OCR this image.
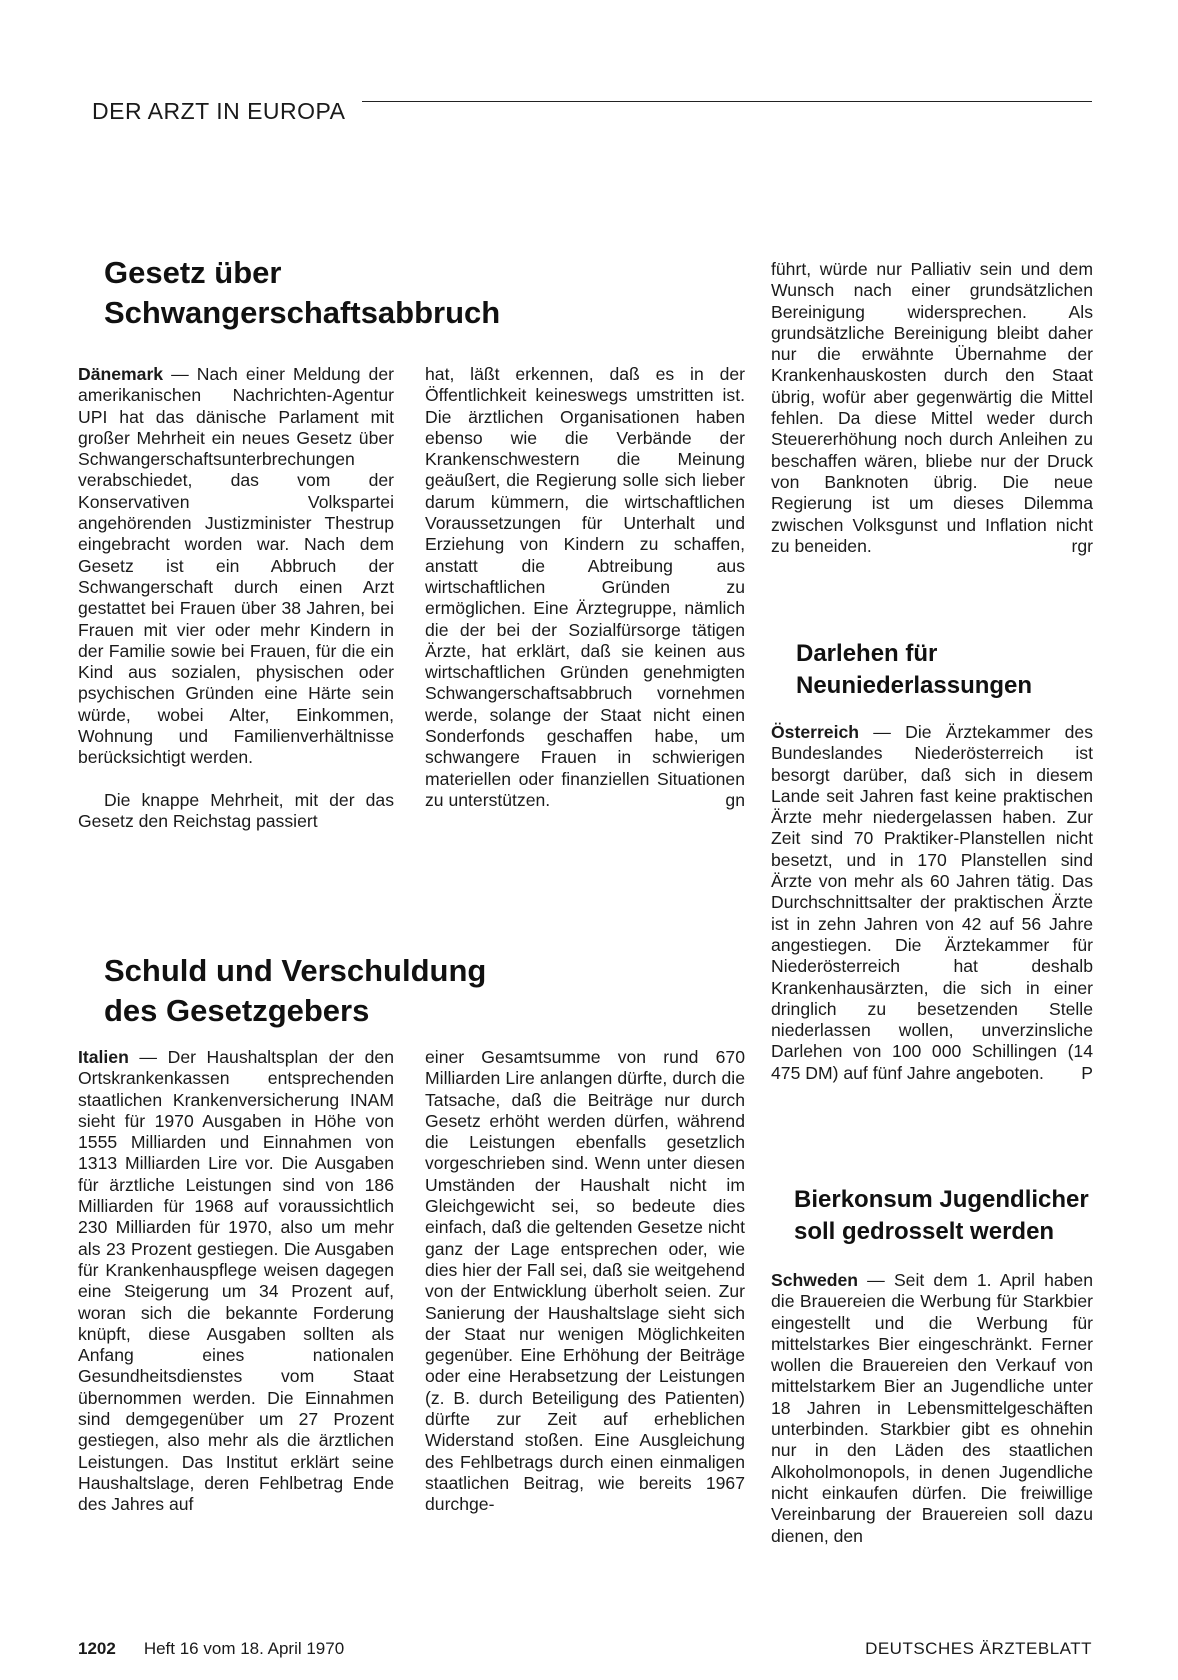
DER ARZT IN EUROPA
Gesetz über
Schwangerschaftsabbruch

Dänemark — Nach einer Meldung der amerikanischen Nachrichten-Agentur UPI hat das dänische Parlament mit großer Mehrheit ein neues Gesetz über Schwangerschaftsunterbrechungen verabschiedet, das vom der Konservativen Volkspartei angehörenden Justizminister Thestrup eingebracht worden war. Nach dem Gesetz ist ein Abbruch der Schwangerschaft durch einen Arzt gestattet bei Frauen über 38 Jahren, bei Frauen mit vier oder mehr Kindern in der Familie sowie bei Frauen, für die ein Kind aus sozialen, physischen oder psychischen Gründen eine Härte sein würde, wobei Alter, Einkommen, Wohnung und Familienverhältnisse berücksichtigt werden.

Die knappe Mehrheit, mit der das Gesetz den Reichstag passiert

hat, läßt erkennen, daß es in der Öffentlichkeit keineswegs umstritten ist. Die ärztlichen Organisationen haben ebenso wie die Verbände der Krankenschwestern die Meinung geäußert, die Regierung solle sich lieber darum kümmern, die wirtschaftlichen Voraussetzungen für Unterhalt und Erziehung von Kindern zu schaffen, anstatt die Abtreibung aus wirtschaftlichen Gründen zu ermöglichen. Eine Ärztegruppe, nämlich die der bei der Sozialfürsorge tätigen Ärzte, hat erklärt, daß sie keinen aus wirtschaftlichen Gründen genehmigten Schwangerschaftsabbruch vornehmen werde, solange der Staat nicht einen Sonderfonds geschaffen habe, um schwangere Frauen in schwierigen materiellen oder finanziellen Situationen zu unterstützen.	gn

Schuld und Verschuldung
des Gesetzgebers

Italien — Der Haushaltsplan der den Ortskrankenkassen entsprechenden staatlichen Krankenversicherung INAM sieht für 1970 Ausgaben in Höhe von 1555 Milliarden und Einnahmen von 1313 Milliarden Lire vor. Die Ausgaben für ärztliche Leistungen sind von 186 Milliarden für 1968 auf voraussichtlich 230 Milliarden für 1970, also um mehr als 23 Prozent gestiegen. Die Ausgaben für Krankenhauspflege weisen dagegen eine Steigerung um 34 Prozent auf, woran sich die bekannte Forderung knüpft, diese Ausgaben sollten als Anfang eines nationalen Gesundheitsdienstes vom Staat übernommen werden. Die Einnahmen sind demgegenüber um 27 Prozent gestiegen, also mehr als die ärztlichen Leistungen. Das Institut erklärt seine Haushaltslage, deren Fehlbetrag Ende des Jahres auf

einer Gesamtsumme von rund 670 Milliarden Lire anlangen dürfte, durch die Tatsache, daß die Beiträge nur durch Gesetz erhöht werden dürfen, während die Leistungen ebenfalls gesetzlich vorgeschrieben sind. Wenn unter diesen Umständen der Haushalt nicht im Gleichgewicht sei, so bedeute dies einfach, daß die geltenden Gesetze nicht ganz der Lage entsprechen oder, wie dies hier der Fall sei, daß sie weitgehend von der Entwicklung überholt seien. Zur Sanierung der Haushaltslage sieht sich der Staat nur wenigen Möglichkeiten gegenüber. Eine Erhöhung der Beiträge oder eine Herabsetzung der Leistungen (z. B. durch Beteiligung des Patienten) dürfte zur Zeit auf erheblichen Widerstand stoßen. Eine Ausgleichung des Fehlbetrags durch einen einmaligen staatlichen Beitrag, wie bereits 1967 durchge-

führt, würde nur Palliativ sein und dem Wunsch nach einer grundsätzlichen Bereinigung widersprechen. Als grundsätzliche Bereinigung bleibt daher nur die erwähnte Übernahme der Krankenhauskosten durch den Staat übrig, wofür aber gegenwärtig die Mittel fehlen. Da diese Mittel weder durch Steuererhöhung noch durch Anleihen zu beschaffen wären, bliebe nur der Druck von Banknoten übrig. Die neue Regierung ist um dieses Dilemma zwischen Volksgunst und Inflation nicht zu beneiden.	rgr

Darlehen für
Neuniederlassungen

Österreich — Die Ärztekammer des Bundeslandes Niederösterreich ist besorgt darüber, daß sich in diesem Lande seit Jahren fast keine praktischen Ärzte mehr niedergelassen haben. Zur Zeit sind 70 Praktiker-Planstellen nicht besetzt, und in 170 Planstellen sind Ärzte von mehr als 60 Jahren tätig. Das Durchschnittsalter der praktischen Ärzte ist in zehn Jahren von 42 auf 56 Jahre angestiegen. Die Ärztekammer für Niederösterreich hat deshalb Krankenhausärzten, die sich in einer dringlich zu besetzenden Stelle niederlassen wollen, unverzinsliche Darlehen von 100 000 Schillingen (14 475 DM) auf fünf Jahre angeboten. P

Bierkonsum Jugendlicher
soll gedrosselt werden

Schweden — Seit dem 1. April haben die Brauereien die Werbung für Starkbier eingestellt und die Werbung für mittelstarkes Bier eingeschränkt. Ferner wollen die Brauereien den Verkauf von mittelstarkem Bier an Jugendliche unter 18 Jahren in Lebensmittelgeschäften unterbinden. Starkbier gibt es ohnehin nur in den Läden des staatlichen Alkoholmonopols, in denen Jugendliche nicht einkaufen dürfen. Die freiwillige Vereinbarung der Brauereien soll dazu dienen, den

1202 Heft 16 vom 18. April 1970	DEUTSCHES ÄRZTEBLATT
